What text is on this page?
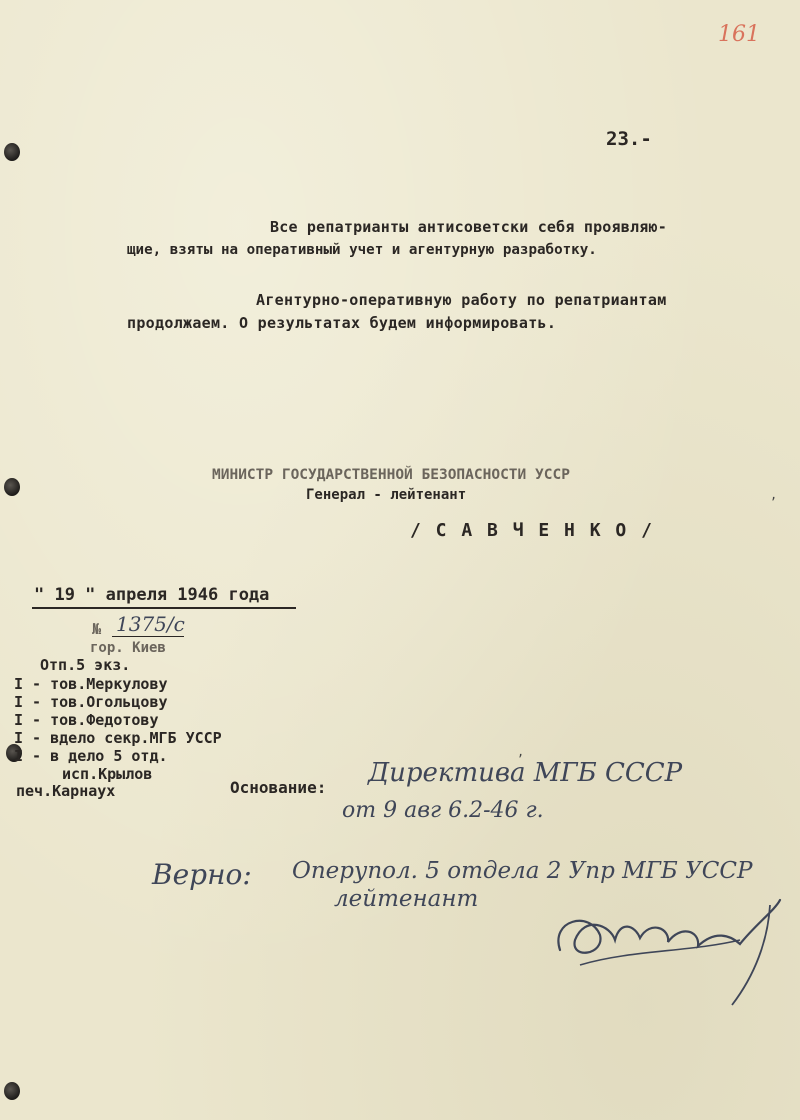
161
23.-
Все репатрианты антисоветски себя проявляю-
щие, взяты на оперативный учет и агентурную разработку.
Агентурно-оперативную работу по репатриантам
продолжаем. О результатах будем информировать.
МИНИСТР ГОСУДАРСТВЕННОЙ БЕЗОПАСНОСТИ УССР
Генерал - лейтенант
/ С А В Ч Е Н К О /
" 19 " апреля 1946 года
№ 1375/с
гор. Киев
Отп.5 экз.
I - тов.Меркулову
I - тов.Огольцову
I - тов.Федотову
I - вдело секр.МГБ УССР
I - в дело 5 отд.
исп.Крылов
печ.Карнаух	Основание: Директива МГБ СССР
от 9 авг 6.2-46 г.
Верно: Оперупол. 5 отдела 2 Упр МГБ УССР
лейтенант
,
,
